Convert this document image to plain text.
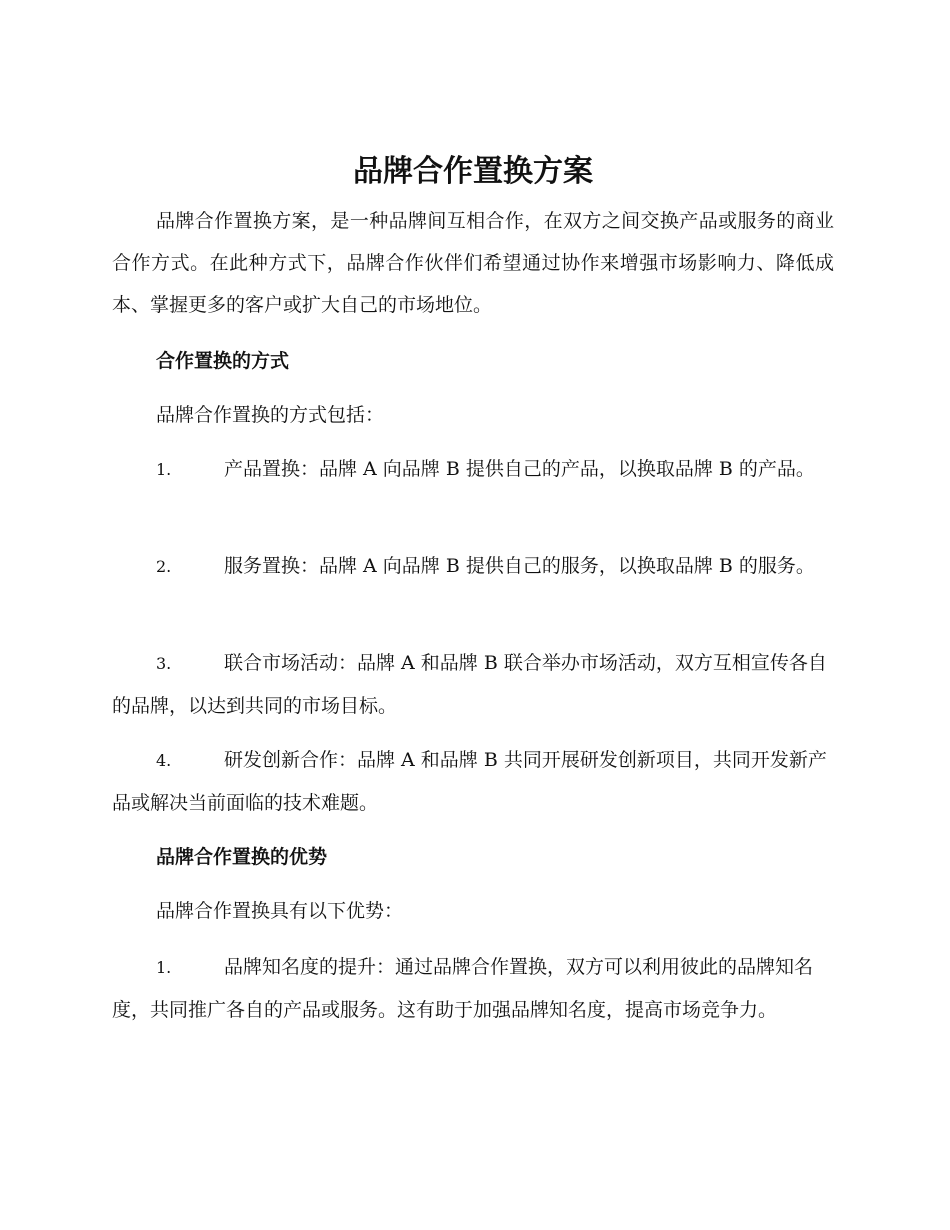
品牌合作置换方案

品牌合作置换方案，是一种品牌间互相合作，在双方之间交换产品或服务的商业合作方式。在此种方式下，品牌合作伙伴们希望通过协作来增强市场影响力、降低成本、掌握更多的客户或扩大自己的市场地位。

合作置换的方式

品牌合作置换的方式包括：

1.	产品置换：品牌 A 向品牌 B 提供自己的产品，以换取品牌 B 的产品。

2.	服务置换：品牌 A 向品牌 B 提供自己的服务，以换取品牌 B 的服务。

3.	联合市场活动：品牌 A 和品牌 B 联合举办市场活动，双方互相宣传各自的品牌，以达到共同的市场目标。

4.	研发创新合作：品牌 A 和品牌 B 共同开展研发创新项目，共同开发新产品或解决当前面临的技术难题。

品牌合作置换的优势

品牌合作置换具有以下优势：

1.	品牌知名度的提升：通过品牌合作置换，双方可以利用彼此的品牌知名度，共同推广各自的产品或服务。这有助于加强品牌知名度，提高市场竞争力。
